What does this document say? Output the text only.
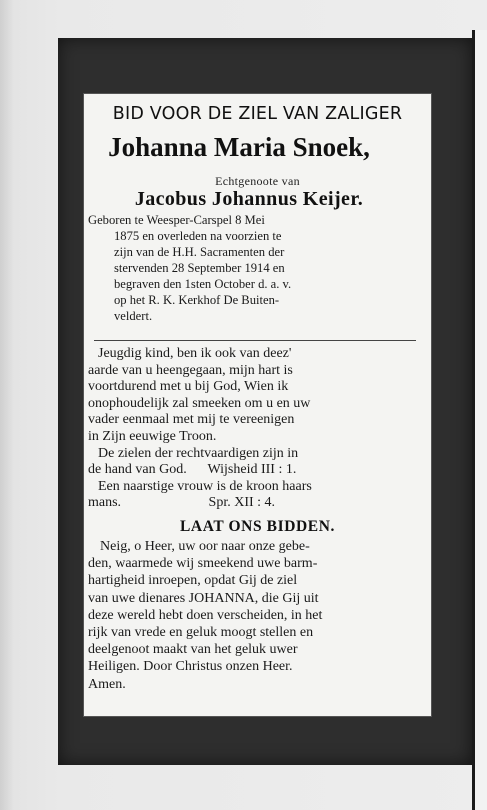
BID VOOR DE ZIEL VAN ZALIGER
Johanna Maria Snoek,
Echtgenoote van
Jacobus Johannus Keijer.
Geboren te Weesper-Carspel 8 Mei
1875 en overleden na voorzien te
zijn van de H.H. Sacramenten der
stervenden 28 September 1914 en
begraven den 1sten October d. a. v.
op het R. K. Kerkhof De Buiten-
veldert.
Jeugdig kind, ben ik ook van deez'
aarde van u heengegaan, mijn hart is
voortdurend met u bij God, Wien ik
onophoudelijk zal smeeken om u en uw
vader eenmaal met mij te vereenigen
in Zijn eeuwige Troon.
De zielen der rechtvaardigen zijn in
de hand van God.      Wijsheid III : 1.
Een naarstige vrouw is de kroon haars
mans.                         Spr. XII : 4.
LAAT ONS BIDDEN.
Neig, o Heer, uw oor naar onze gebe-
den, waarmede wij smeekend uwe barm-
hartigheid inroepen, opdat Gij de ziel
van uwe dienares JOHANNA, die Gij uit
deze wereld hebt doen verscheiden, in het
rijk van vrede en geluk moogt stellen en
deelgenoot maakt van het geluk uwer
Heiligen. Door Christus onzen Heer.
Amen.
